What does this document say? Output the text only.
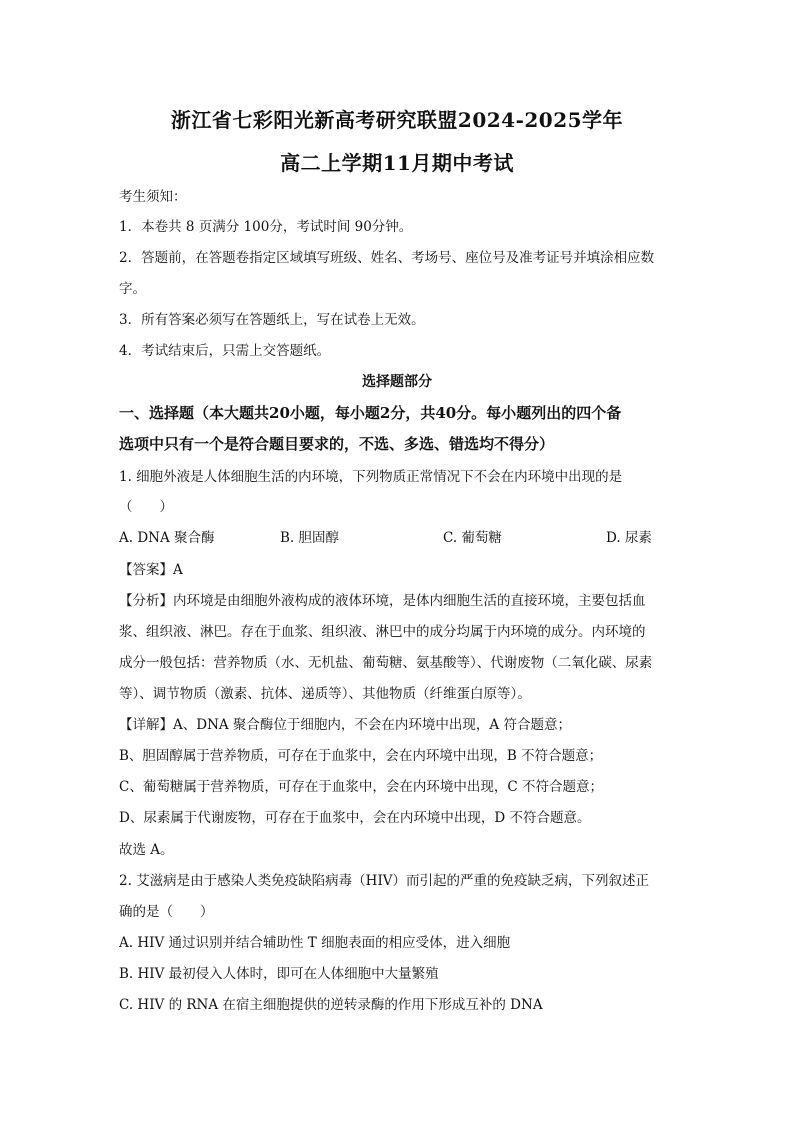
浙江省七彩阳光新高考研究联盟2024-2025学年
高二上学期11月期中考试
考生须知：
1．本卷共 8 页满分 100分，考试时间 90分钟。
2．答题前，在答题卷指定区域填写班级、姓名、考场号、座位号及准考证号并填涂相应数
字。
3．所有答案必须写在答题纸上，写在试卷上无效。
4．考试结束后，只需上交答题纸。
选择题部分
一、选择题（本大题共20小题，每小题2分，共40分。每小题列出的四个备
选项中只有一个是符合题目要求的，不选、多选、错选均不得分）
1. 细胞外液是人体细胞生活的内环境，下列物质正常情况下不会在内环境中出现的是
（　　）
A. DNA 聚合酶	B. 胆固醇	C. 葡萄糖	D. 尿素
【答案】A
【分析】内环境是由细胞外液构成的液体环境，是体内细胞生活的直接环境，主要包括血
浆、组织液、淋巴。存在于血浆、组织液、淋巴中的成分均属于内环境的成分。内环境的
成分一般包括：营养物质（水、无机盐、葡萄糖、氨基酸等）、代谢废物（二氧化碳、尿素
等）、调节物质（激素、抗体、递质等）、其他物质（纤维蛋白原等）。
【详解】A、DNA 聚合酶位于细胞内，不会在内环境中出现，A 符合题意；
B、胆固醇属于营养物质，可存在于血浆中，会在内环境中出现，B 不符合题意；
C、葡萄糖属于营养物质，可存在于血浆中，会在内环境中出现，C 不符合题意；
D、尿素属于代谢废物，可存在于血浆中，会在内环境中出现，D 不符合题意。
故选 A。
2. 艾滋病是由于感染人类免疫缺陷病毒（HIV）而引起的严重的免疫缺乏病，下列叙述正
确的是（　　）
A. HIV 通过识别并结合辅助性 T 细胞表面的相应受体，进入细胞
B. HIV 最初侵入人体时，即可在人体细胞中大量繁殖
C. HIV 的 RNA 在宿主细胞提供的逆转录酶的作用下形成互补的 DNA
